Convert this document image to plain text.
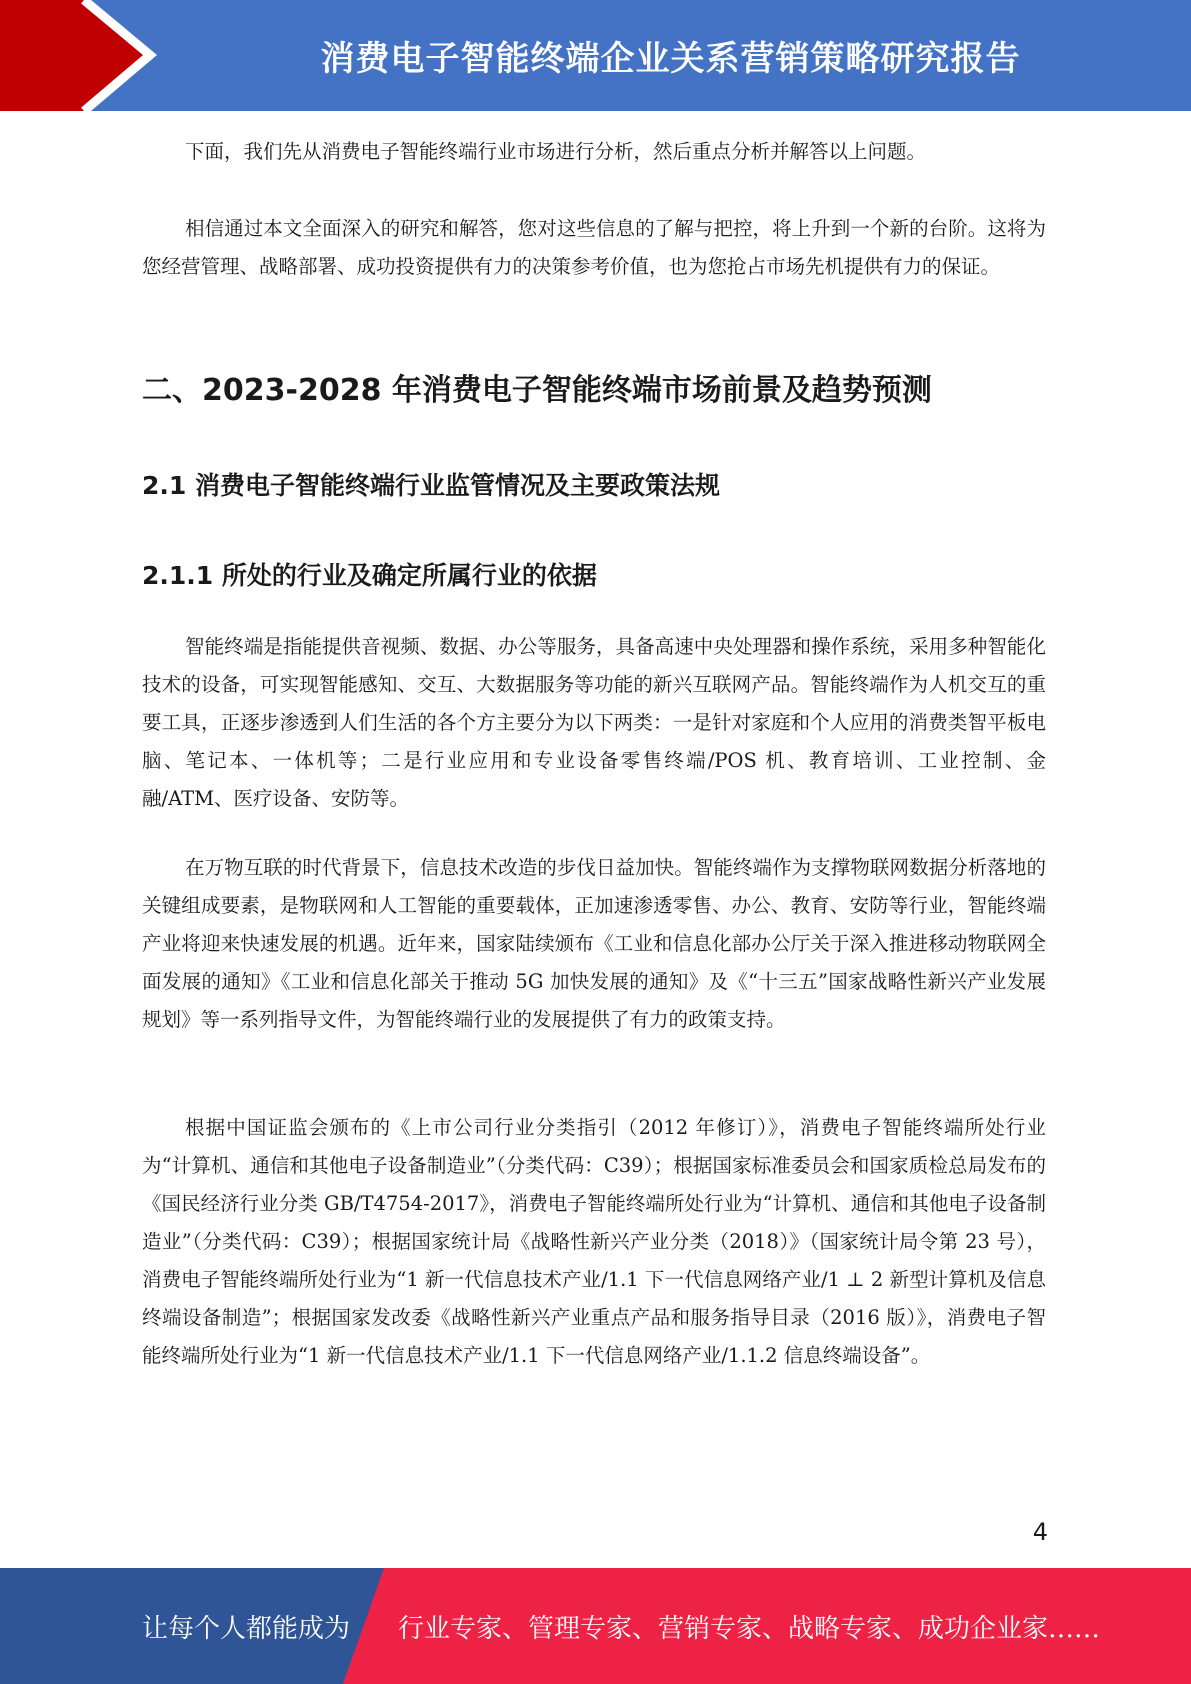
消费电子智能终端企业关系营销策略研究报告

下面，我们先从消费电子智能终端行业市场进行分析，然后重点分析并解答以上问题。

相信通过本文全面深入的研究和解答，您对这些信息的了解与把控，将上升到一个新的台阶。这将为您经营管理、战略部署、成功投资提供有力的决策参考价值，也为您抢占市场先机提供有力的保证。

二、2023-2028 年消费电子智能终端市场前景及趋势预测
2.1 消费电子智能终端行业监管情况及主要政策法规
2.1.1 所处的行业及确定所属行业的依据

智能终端是指能提供音视频、数据、办公等服务，具备高速中央处理器和操作系统，采用多种智能化技术的设备，可实现智能感知、交互、大数据服务等功能的新兴互联网产品。智能终端作为人机交互的重要工具，正逐步渗透到人们生活的各个方主要分为以下两类：一是针对家庭和个人应用的消费类智平板电脑、笔记本、一体机等；二是行业应用和专业设备零售终端/POS 机、教育培训、工业控制、金融/ATM、医疗设备、安防等。

在万物互联的时代背景下，信息技术改造的步伐日益加快。智能终端作为支撑物联网数据分析落地的关键组成要素，是物联网和人工智能的重要载体，正加速渗透零售、办公、教育、安防等行业，智能终端产业将迎来快速发展的机遇。近年来，国家陆续颁布《工业和信息化部办公厅关于深入推进移动物联网全面发展的通知》《工业和信息化部关于推动 5G 加快发展的通知》及《“十三五”国家战略性新兴产业发展规划》等一系列指导文件，为智能终端行业的发展提供了有力的政策支持。

根据中国证监会颁布的《上市公司行业分类指引（2012 年修订）》，消费电子智能终端所处行业为“计算机、通信和其他电子设备制造业”（分类代码：C39）；根据国家标准委员会和国家质检总局发布的《国民经济行业分类 GB/T4754-2017》，消费电子智能终端所处行业为“计算机、通信和其他电子设备制造业”（分类代码：C39）；根据国家统计局《战略性新兴产业分类（2018）》（国家统计局令第 23 号），消费电子智能终端所处行业为“1 新一代信息技术产业/1.1 下一代信息网络产业/1 ⊥ 2 新型计算机及信息终端设备制造”；根据国家发改委《战略性新兴产业重点产品和服务指导目录（2016 版）》，消费电子智能终端所处行业为“1 新一代信息技术产业/1.1 下一代信息网络产业/1.1.2 信息终端设备”。

4
让每个人都能成为 行业专家、管理专家、营销专家、战略专家、成功企业家……
